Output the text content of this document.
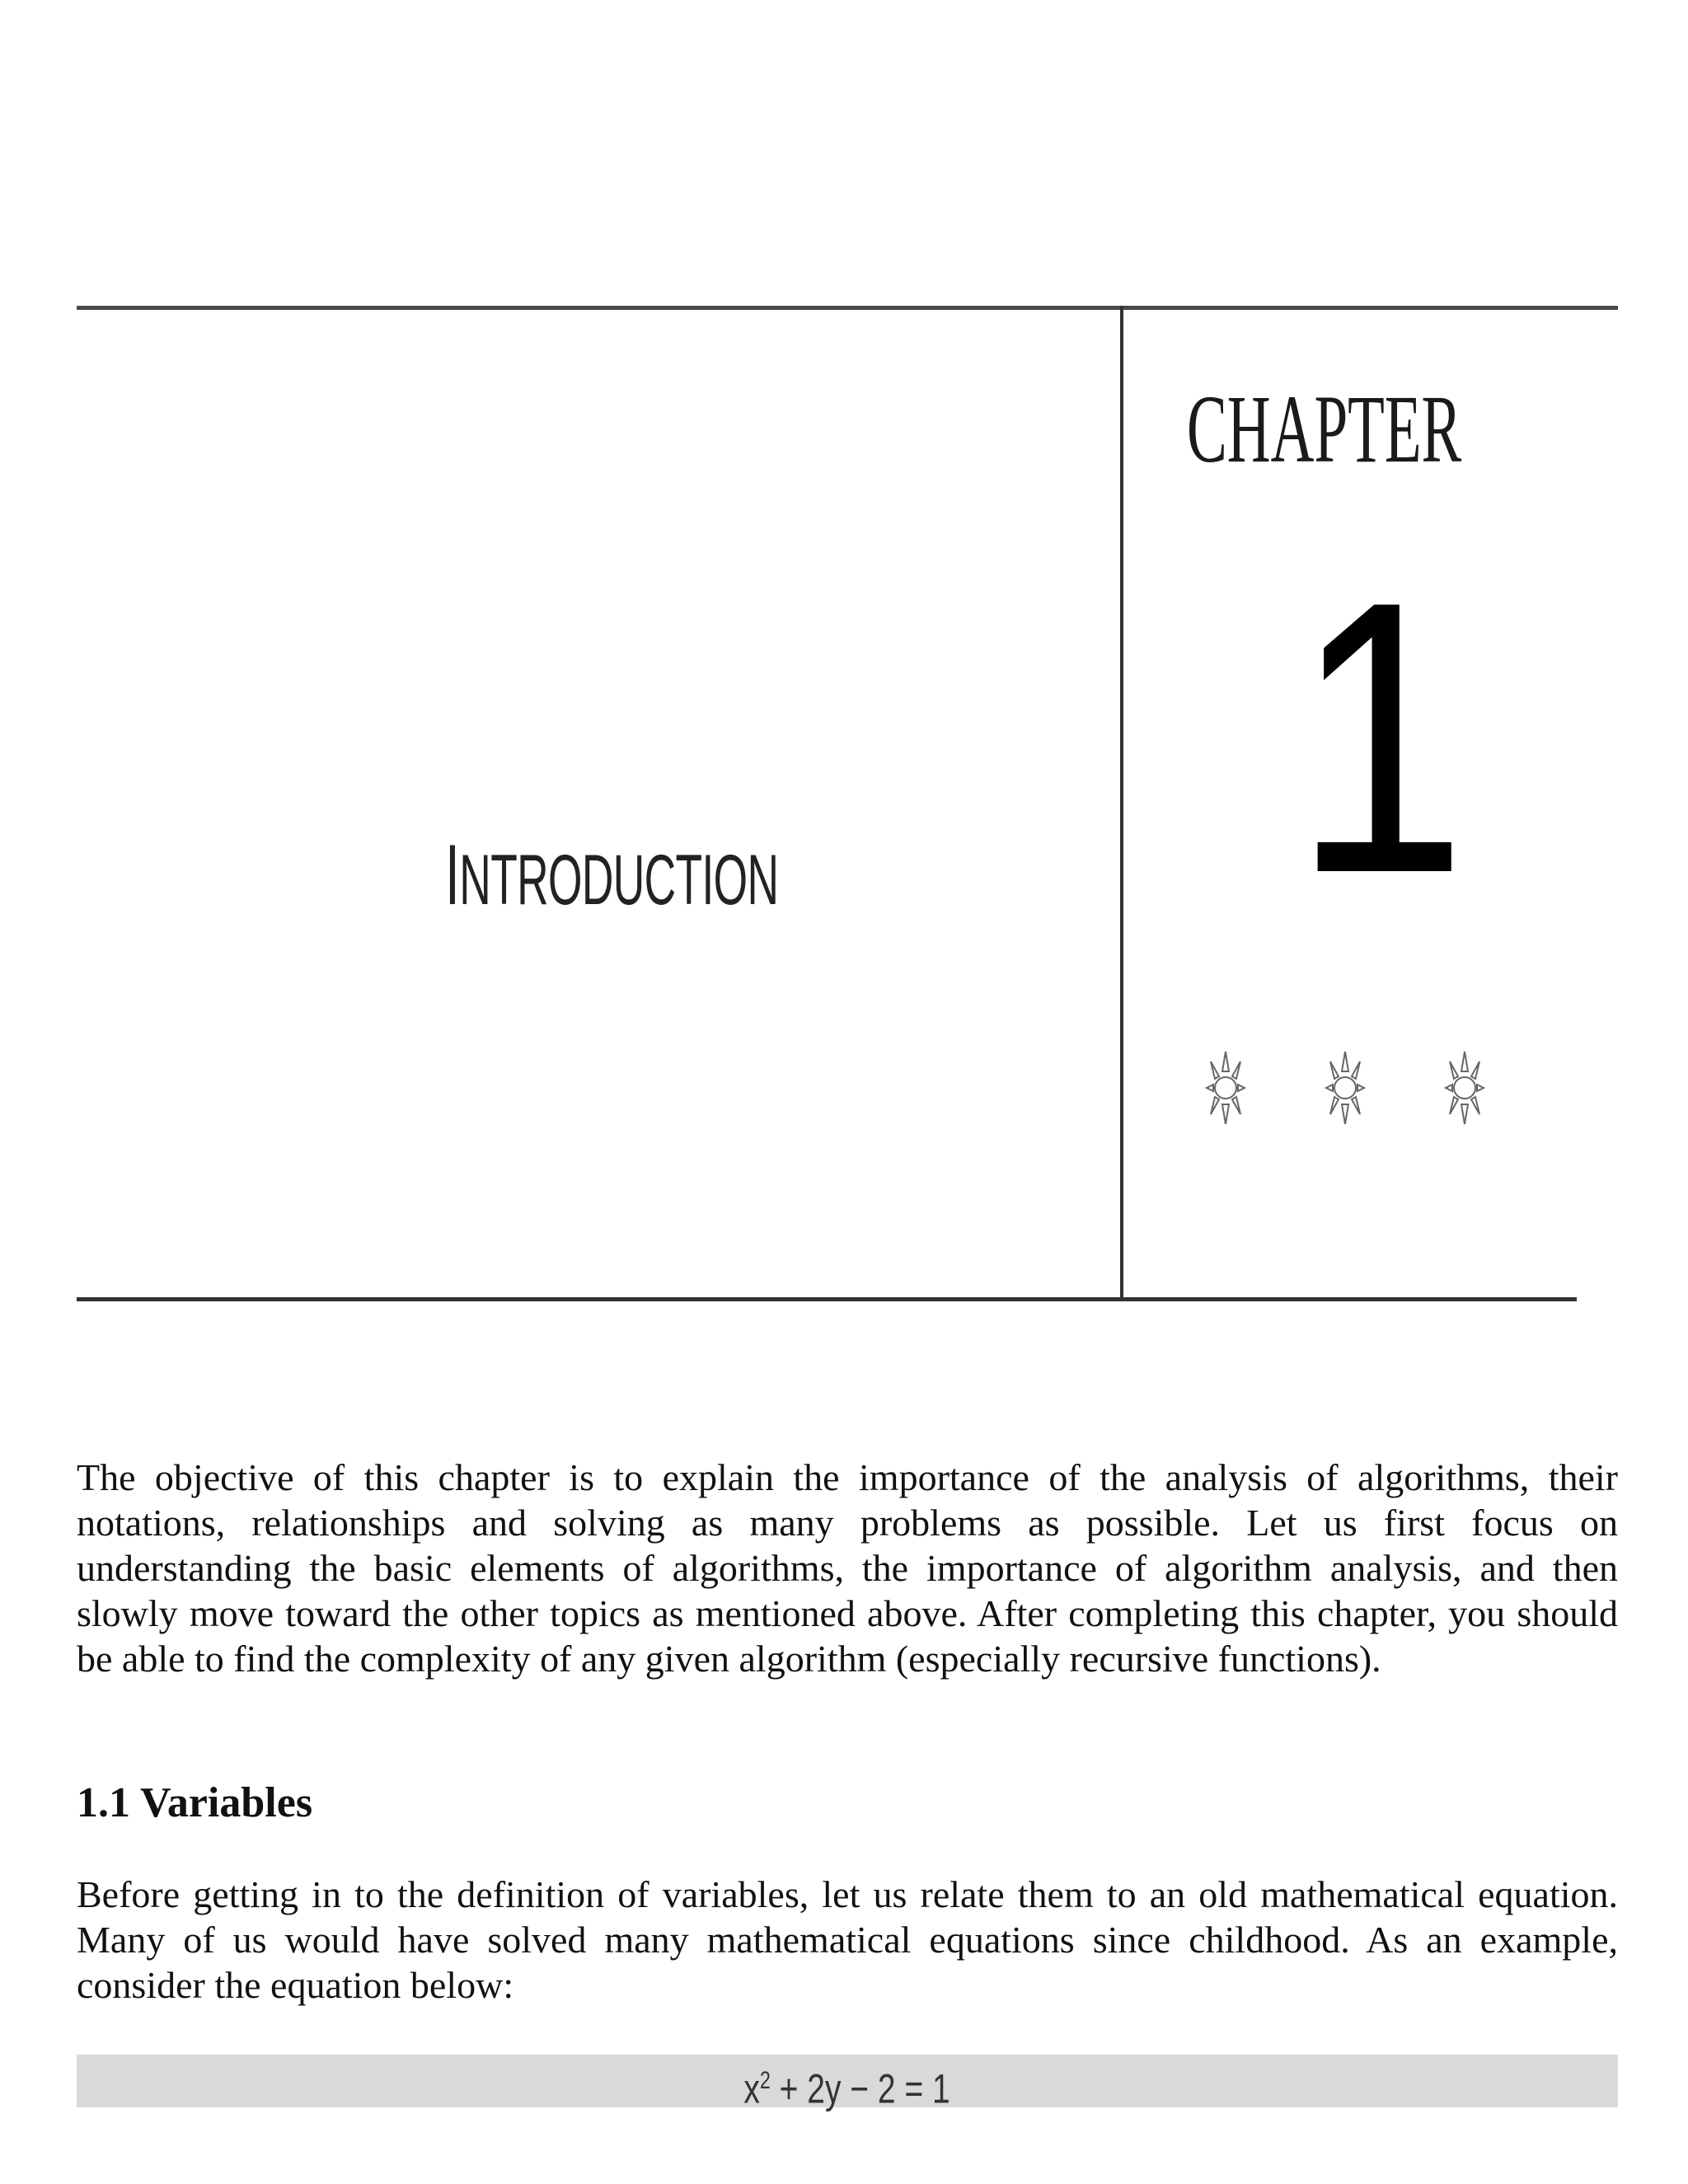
INTRODUCTION
CHAPTER
1

The objective of this chapter is to explain the importance of the analysis of algorithms, their notations, relationships and solving as many problems as possible. Let us first focus on understanding the basic elements of algorithms, the importance of algorithm analysis, and then slowly move toward the other topics as mentioned above. After completing this chapter, you should be able to find the complexity of any given algorithm (especially recursive functions).

1.1 Variables

Before getting in to the definition of variables, let us relate them to an old mathematical equation. Many of us would have solved many mathematical equations since childhood. As an example, consider the equation below:

$x^2 + 2y - 2 = 1$
